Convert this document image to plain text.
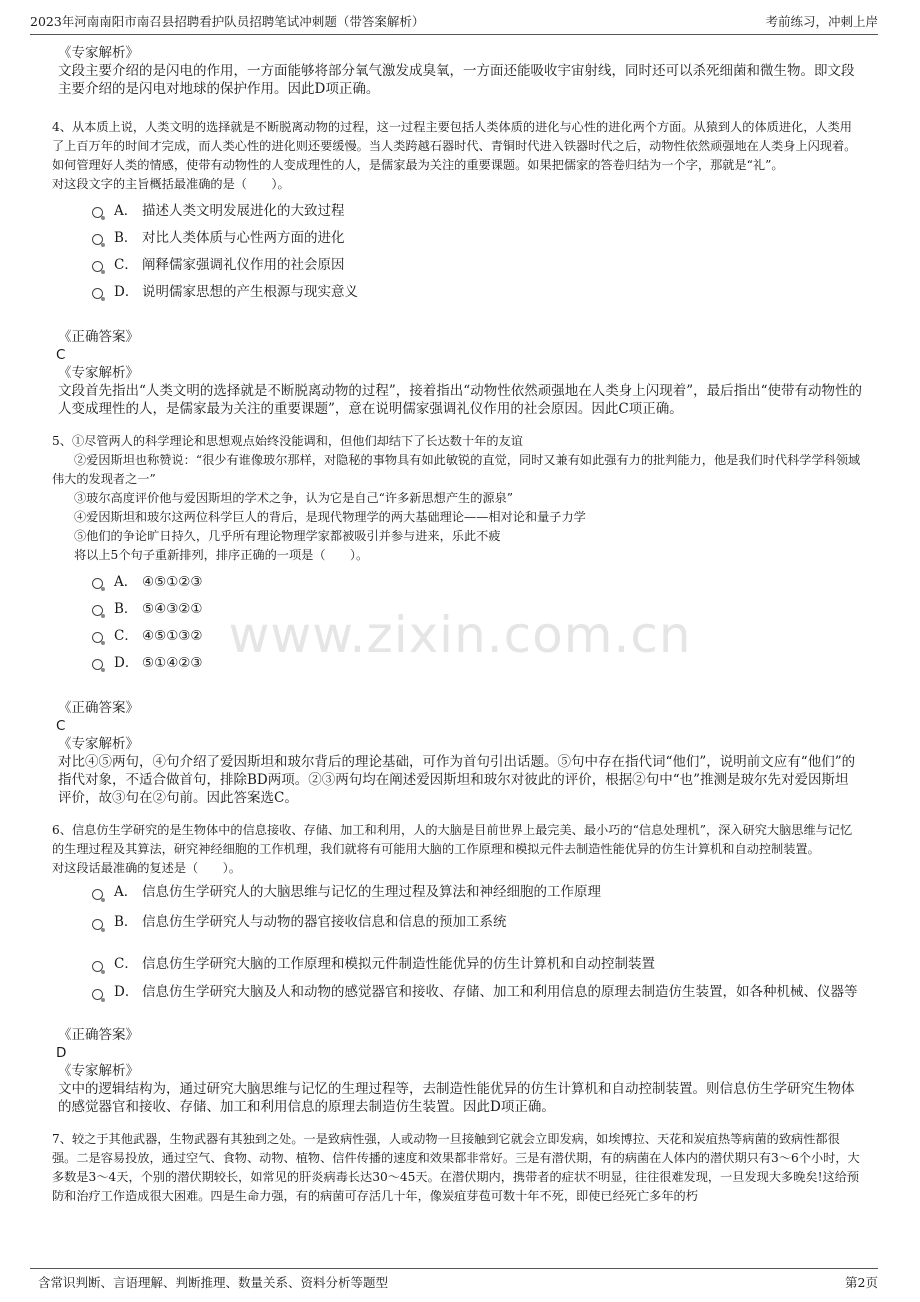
2023年河南南阳市南召县招聘看护队员招聘笔试冲刺题（带答案解析）	考前练习，冲刺上岸
www.zixin.com.cn
《专家解析》
文段主要介绍的是闪电的作用，一方面能够将部分氧气激发成臭氧，一方面还能吸收宇宙射线，同时还可以杀死细菌和微生物。即文段主要介绍的是闪电对地球的保护作用。因此D项正确。
4、从本质上说，人类文明的选择就是不断脱离动物的过程，这一过程主要包括人类体质的进化与心性的进化两个方面。从猿到人的体质进化，人类用了上百万年的时间才完成，而人类心性的进化则还要缓慢。当人类跨越石器时代、青铜时代进入铁器时代之后，动物性依然顽强地在人类身上闪现着。如何管理好人类的情感，使带有动物性的人变成理性的人，是儒家最为关注的重要课题。如果把儒家的答卷归结为一个字，那就是“礼”。
对这段文字的主旨概括最准确的是（　　）。
A． 描述人类文明发展进化的大致过程
B． 对比人类体质与心性两方面的进化
C． 阐释儒家强调礼仪作用的社会原因
D． 说明儒家思想的产生根源与现实意义
《正确答案》
C
《专家解析》
文段首先指出“人类文明的选择就是不断脱离动物的过程”，接着指出“动物性依然顽强地在人类身上闪现着”，最后指出“使带有动物性的人变成理性的人，是儒家最为关注的重要课题”，意在说明儒家强调礼仪作用的社会原因。因此C项正确。
5、①尽管两人的科学理论和思想观点始终没能调和，但他们却结下了长达数十年的友谊
②爱因斯坦也称赞说：“很少有谁像玻尔那样，对隐秘的事物具有如此敏锐的直觉，同时又兼有如此强有力的批判能力，他是我们时代科学学科领域伟大的发现者之一”
③玻尔高度评价他与爱因斯坦的学术之争，认为它是自己“许多新思想产生的源泉”
④爱因斯坦和玻尔这两位科学巨人的背后，是现代物理学的两大基础理论——相对论和量子力学
⑤他们的争论旷日持久，几乎所有理论物理学家都被吸引并参与进来，乐此不疲
将以上5个句子重新排列，排序正确的一项是（　　）。
A． ④⑤①②③
B． ⑤④③②①
C． ④⑤①③②
D． ⑤①④②③
《正确答案》
C
《专家解析》
对比④⑤两句，④句介绍了爱因斯坦和玻尔背后的理论基础，可作为首句引出话题。⑤句中存在指代词“他们”，说明前文应有“他们”的指代对象，不适合做首句，排除BD两项。②③两句均在阐述爱因斯坦和玻尔对彼此的评价，根据②句中“也”推测是玻尔先对爱因斯坦评价，故③句在②句前。因此答案选C。
6、信息仿生学研究的是生物体中的信息接收、存储、加工和利用，人的大脑是目前世界上最完美、最小巧的“信息处理机”，深入研究大脑思维与记忆的生理过程及其算法，研究神经细胞的工作机理，我们就将有可能用大脑的工作原理和模拟元件去制造性能优异的仿生计算机和自动控制装置。
对这段话最准确的复述是（　　）。
A． 信息仿生学研究人的大脑思维与记忆的生理过程及算法和神经细胞的工作原理
B． 信息仿生学研究人与动物的器官接收信息和信息的预加工系统
C． 信息仿生学研究大脑的工作原理和模拟元件制造性能优异的仿生计算机和自动控制装置
D． 信息仿生学研究大脑及人和动物的感觉器官和接收、存储、加工和利用信息的原理去制造仿生装置，如各种机械、仪器等
《正确答案》
D
《专家解析》
文中的逻辑结构为，通过研究大脑思维与记忆的生理过程等，去制造性能优异的仿生计算机和自动控制装置。则信息仿生学研究生物体的感觉器官和接收、存储、加工和利用信息的原理去制造仿生装置。因此D项正确。
7、较之于其他武器，生物武器有其独到之处。一是致病性强，人或动物一旦接触到它就会立即发病，如埃博拉、天花和炭疽热等病菌的致病性都很强。二是容易投放，通过空气、食物、动物、植物、信件传播的速度和效果都非常好。三是有潜伏期，有的病菌在人体内的潜伏期只有3～6个小时，大多数是3～4天，个别的潜伏期较长，如常见的肝炎病毒长达30～45天。在潜伏期内，携带者的症状不明显，往往很难发现，一旦发现大多晚矣!这给预防和治疗工作造成很大困难。四是生命力强，有的病菌可存活几十年，像炭疽芽苞可数十年不死，即使已经死亡多年的朽
含常识判断、言语理解、判断推理、数量关系、资料分析等题型	第2页
